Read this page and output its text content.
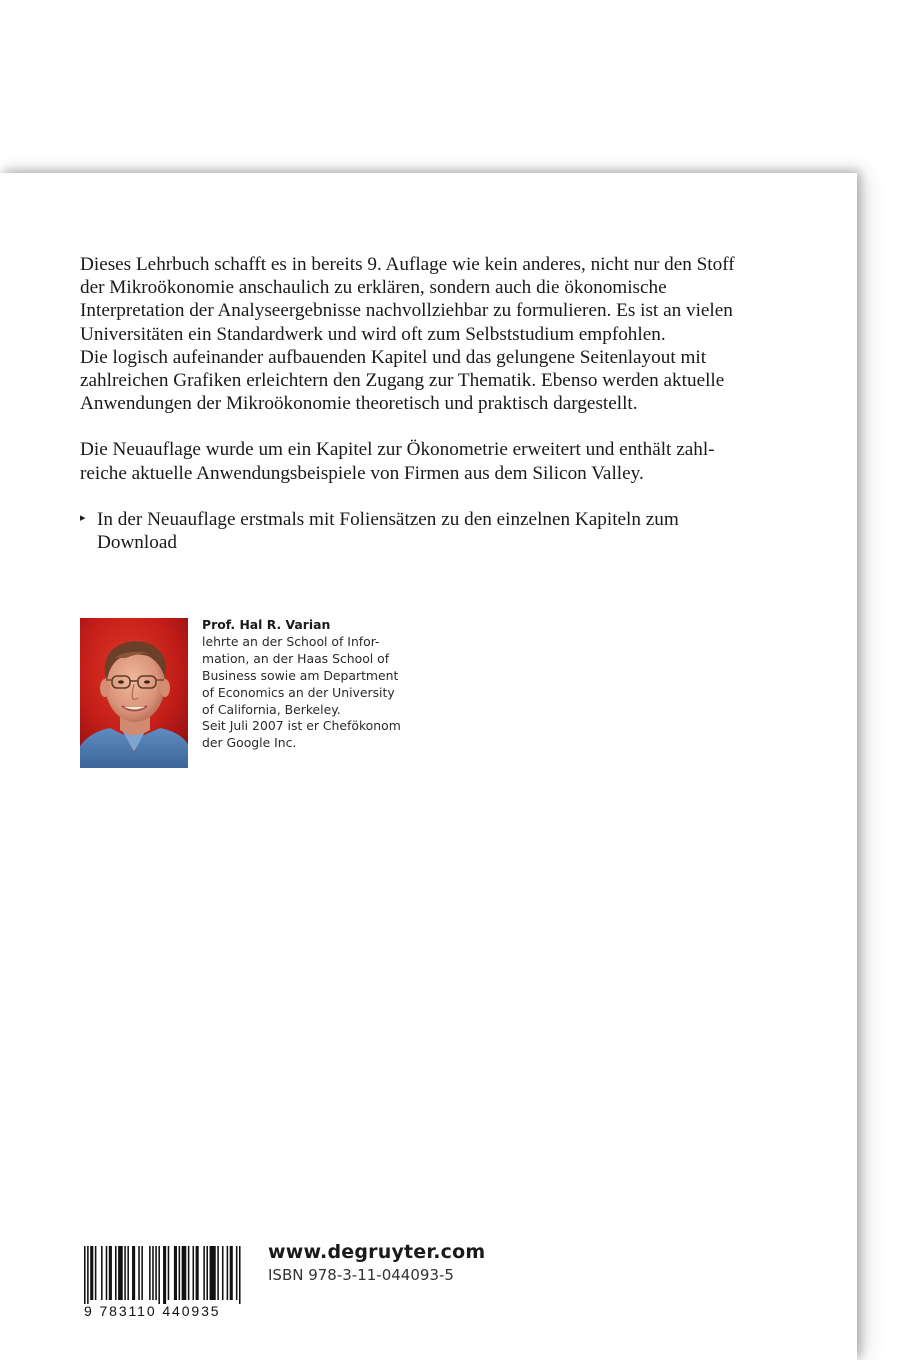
Dieses Lehrbuch schafft es in bereits 9. Auflage wie kein anderes, nicht nur den Stoff
der Mikroökonomie anschaulich zu erklären, sondern auch die ökonomische
Interpretation der Analyseergebnisse nachvollziehbar zu formulieren. Es ist an vielen
Universitäten ein Standardwerk und wird oft zum Selbststudium empfohlen.
Die logisch aufeinander aufbauenden Kapitel und das gelungene Seitenlayout mit
zahlreichen Grafiken erleichtern den Zugang zur Thematik. Ebenso werden aktuelle
Anwendungen der Mikroökonomie theoretisch und praktisch dargestellt.

Die Neuauflage wurde um ein Kapitel zur Ökonometrie erweitert und enthält zahl-
reiche aktuelle Anwendungsbeispiele von Firmen aus dem Silicon Valley.

▸ In der Neuauflage erstmals mit Foliensätzen zu den einzelnen Kapiteln zum
Download
Prof. Hal R. Varian
lehrte an der School of Infor-
mation, an der Haas School of
Business sowie am Department
of Economics an der University
of California, Berkeley.
Seit Juli 2007 ist er Chefökonom
der Google Inc.
9 783110 440935
www.degruyter.com
ISBN 978-3-11-044093-5
